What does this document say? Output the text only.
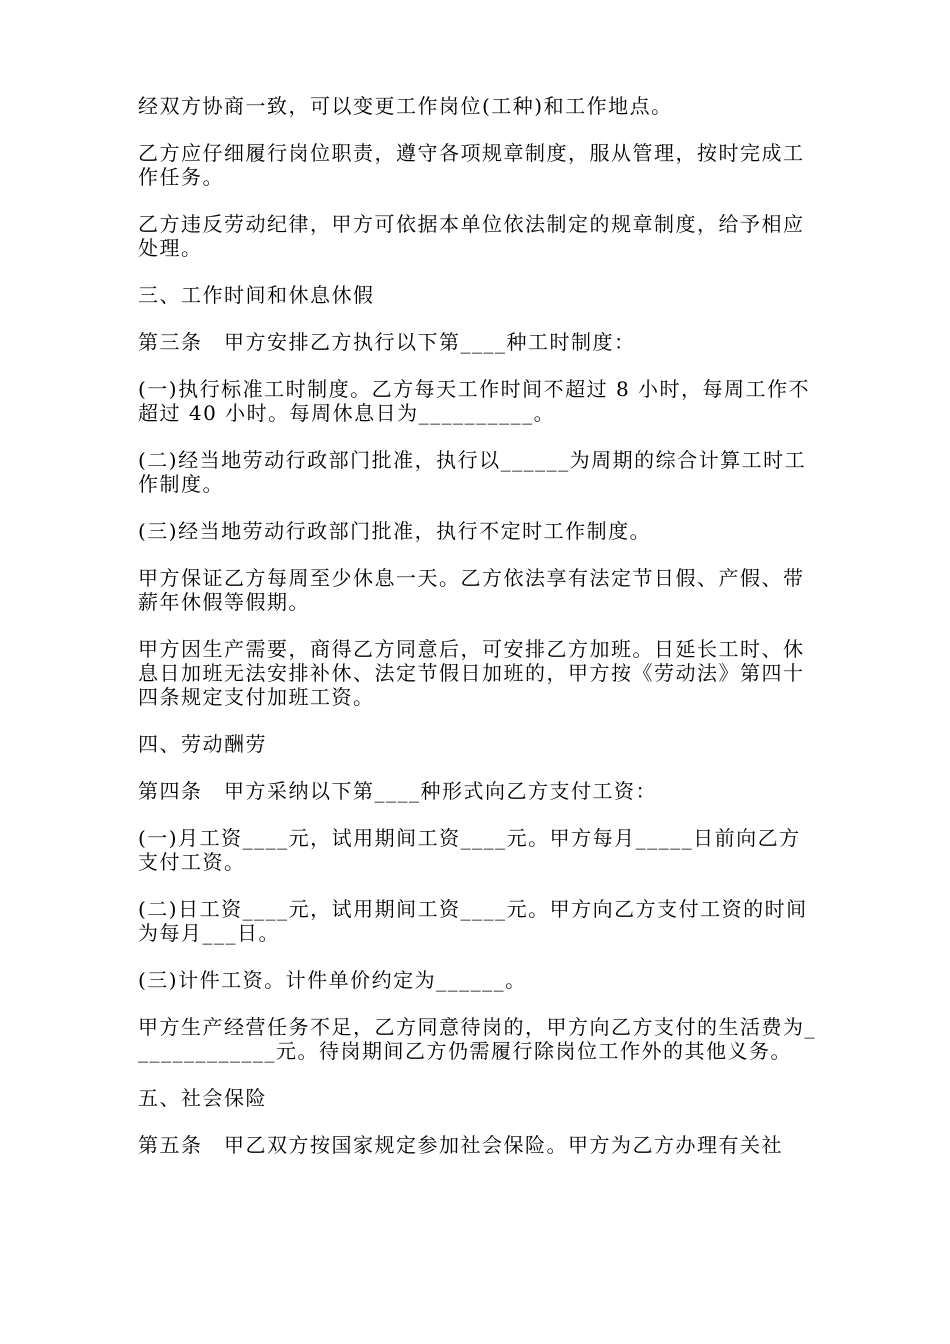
经双方协商一致，可以变更工作岗位(工种)和工作地点。

乙方应仔细履行岗位职责，遵守各项规章制度，服从管理，按时完成工作任务。

乙方违反劳动纪律，甲方可依据本单位依法制定的规章制度，给予相应处理。

三、工作时间和休息休假

第三条　甲方安排乙方执行以下第____种工时制度：

(一)执行标准工时制度。乙方每天工作时间不超过 8 小时，每周工作不超过 40 小时。每周休息日为__________。

(二)经当地劳动行政部门批准，执行以______为周期的综合计算工时工作制度。

(三)经当地劳动行政部门批准，执行不定时工作制度。

甲方保证乙方每周至少休息一天。乙方依法享有法定节日假、产假、带薪年休假等假期。

甲方因生产需要，商得乙方同意后，可安排乙方加班。日延长工时、休息日加班无法安排补休、法定节假日加班的，甲方按《劳动法》第四十四条规定支付加班工资。

四、劳动酬劳

第四条　甲方采纳以下第____种形式向乙方支付工资：

(一)月工资____元，试用期间工资____元。甲方每月_____日前向乙方支付工资。

(二)日工资____元，试用期间工资____元。甲方向乙方支付工资的时间为每月___日。

(三)计件工资。计件单价约定为______。

甲方生产经营任务不足，乙方同意待岗的，甲方向乙方支付的生活费为_____________元。待岗期间乙方仍需履行除岗位工作外的其他义务。

五、社会保险

第五条　甲乙双方按国家规定参加社会保险。甲方为乙方办理有关社
